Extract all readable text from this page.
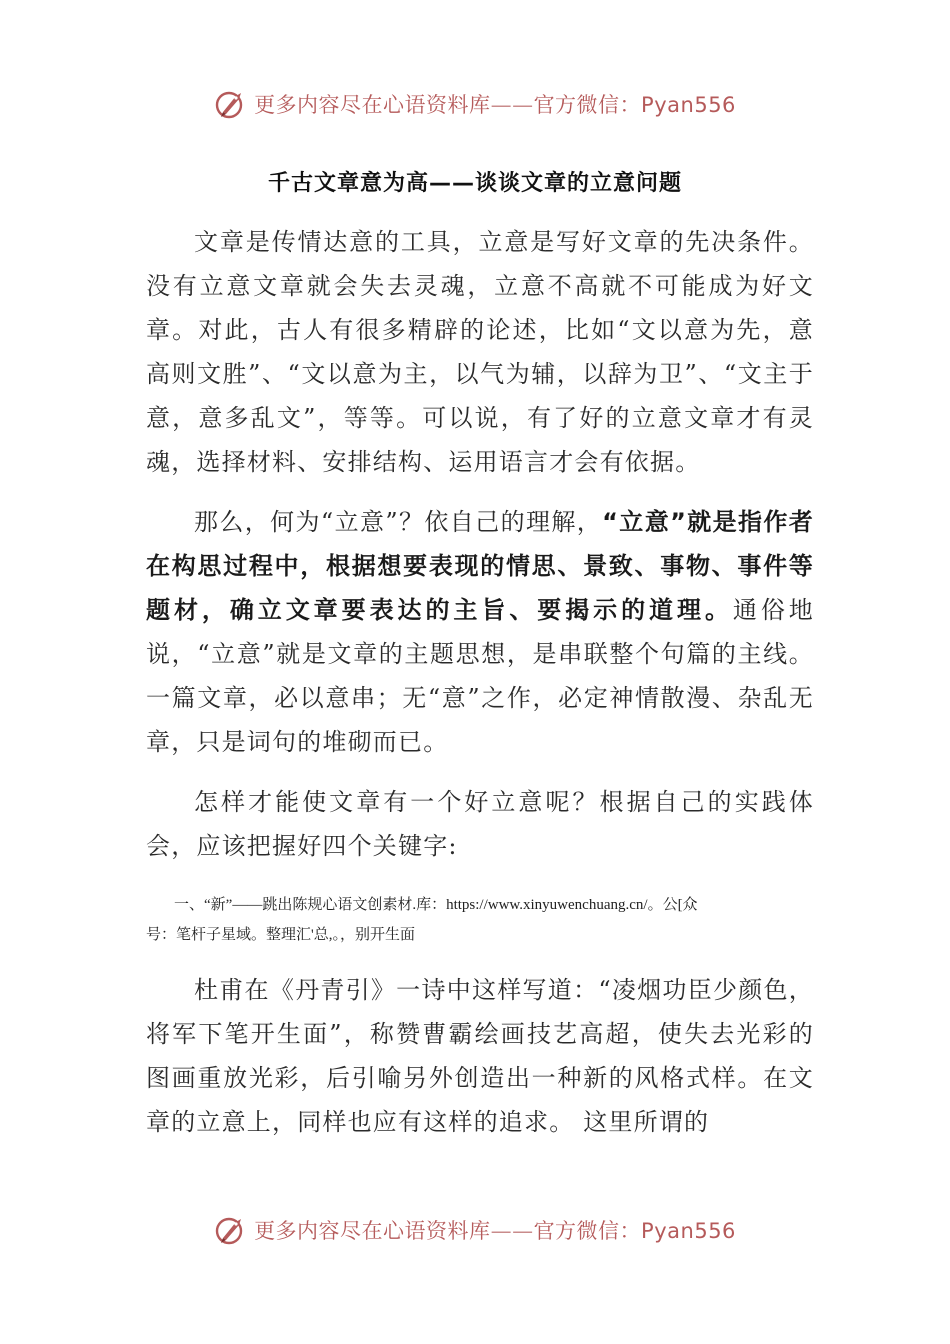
更多内容尽在心语资料库——官方微信：Pyan556
千古文章意为高——谈谈文章的立意问题

文章是传情达意的工具，立意是写好文章的先决条件。没有立意文章就会失去灵魂，立意不高就不可能成为好文章。对此，古人有很多精辟的论述，比如“文以意为先，意高则文胜”、“文以意为主，以气为辅，以辞为卫”、“文主于意，意多乱文”，等等。可以说，有了好的立意文章才有灵魂，选择材料、安排结构、运用语言才会有依据。

那么，何为“立意”？依自己的理解，“立意”就是指作者在构思过程中，根据想要表现的情思、景致、事物、事件等题材，确立文章要表达的主旨、要揭示的道理。通俗地说，“立意”就是文章的主题思想，是串联整个句篇的主线。一篇文章，必以意串；无“意”之作，必定神情散漫、杂乱无章，只是词句的堆砌而已。

怎样才能使文章有一个好立意呢？根据自己的实践体会，应该把握好四个关键字:

一、“新”——跳出陈规心语文创素材.库：https://www.xinyuwenchuang.cn/。公[众
号：笔杆子星域。整理汇'总,。，别开生面

杜甫在《丹青引》一诗中这样写道：“凌烟功臣少颜色，将军下笔开生面”，称赞曹霸绘画技艺高超，使失去光彩的图画重放光彩，后引喻另外创造出一种新的风格式样。在文章的立意上，同样也应有这样的追求。 这里所谓的

更多内容尽在心语资料库——官方微信：Pyan556
